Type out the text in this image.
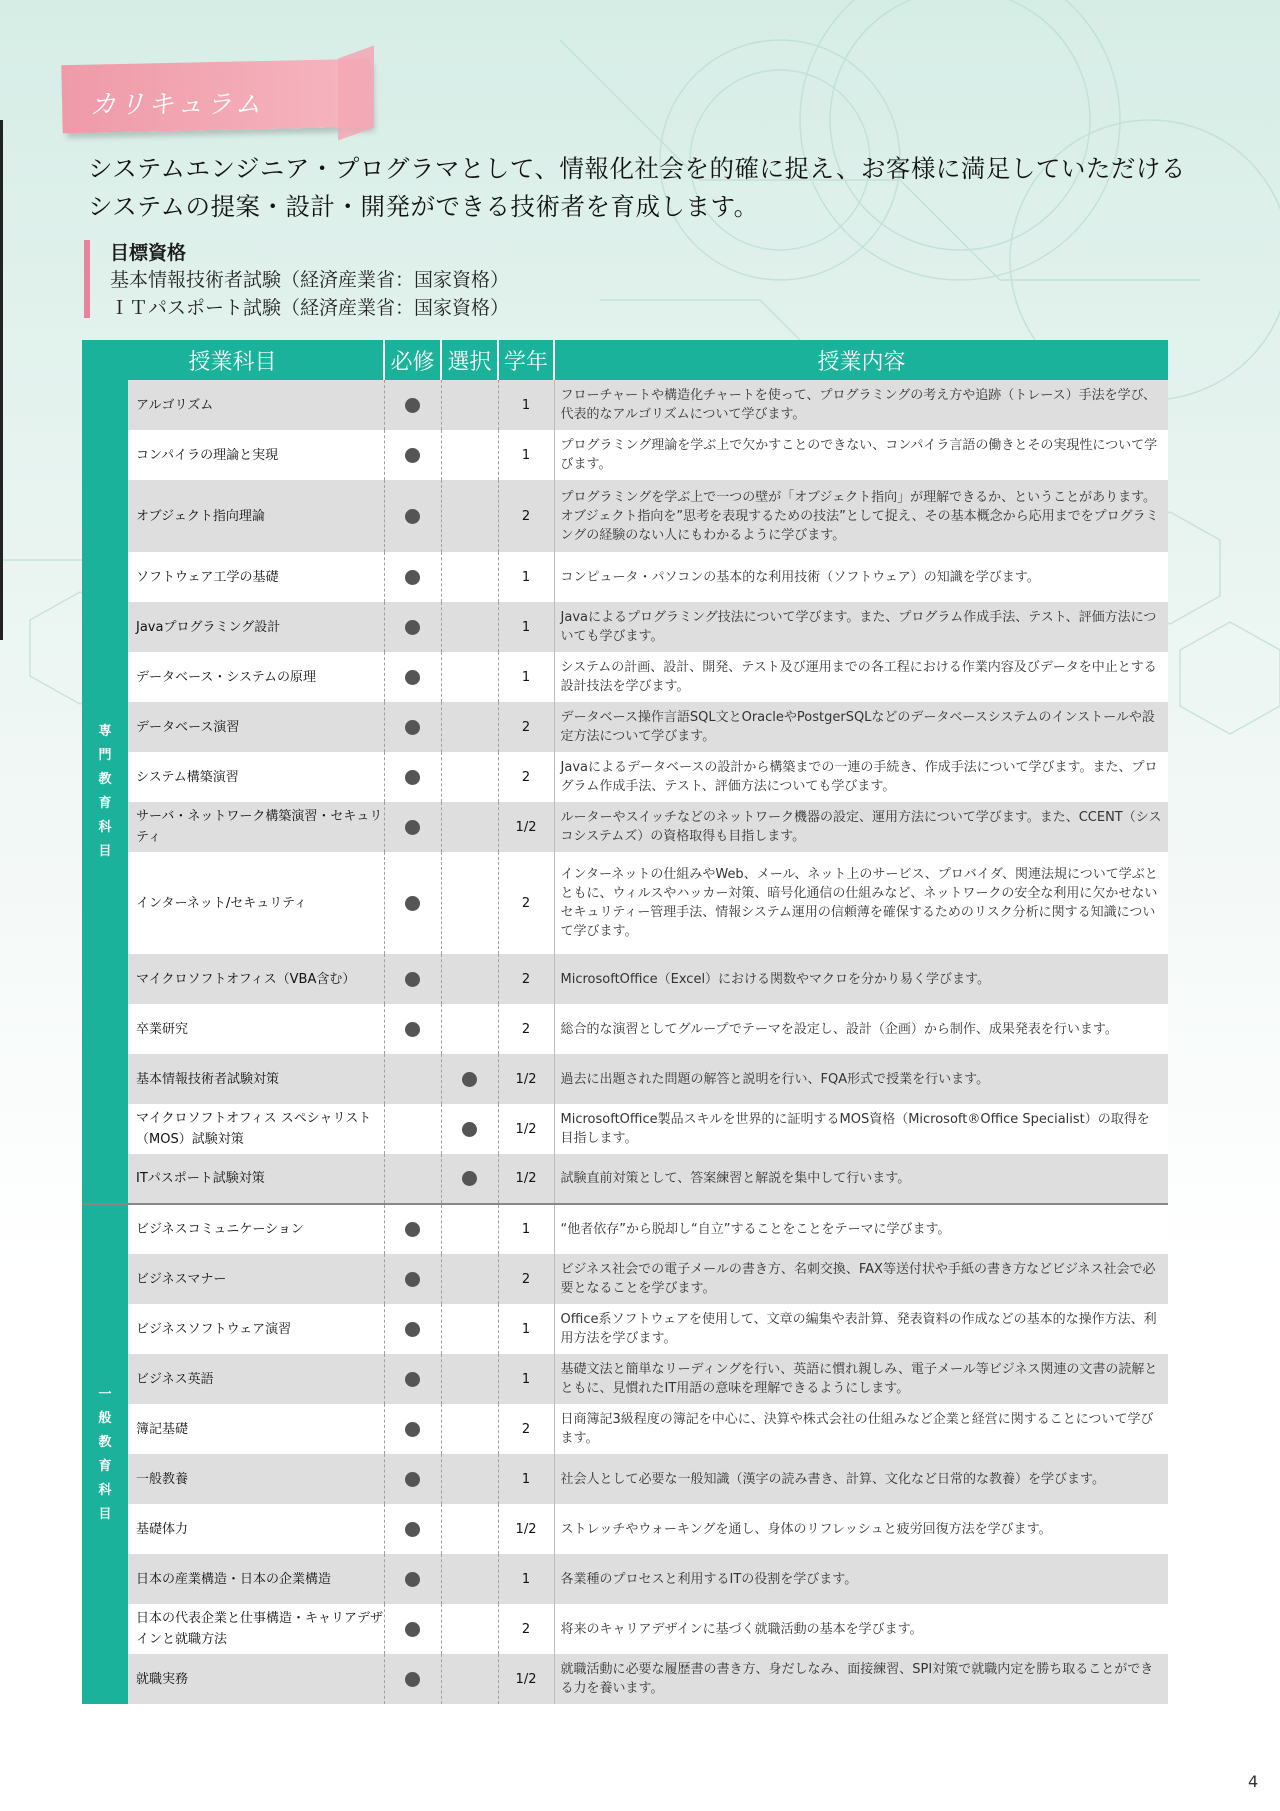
カリキュラム
システムエンジニア・プログラマとして、情報化社会を的確に捉え、お客様に満足していただける
システムの提案・設計・開発ができる技術者を育成します。
目標資格
基本情報技術者試験（経済産業省：国家資格）
ＩＴパスポート試験（経済産業省：国家資格）
授業科目		必修	選択	学年	授業内容
専門教育科目	アルゴリズム			1	フローチャートや構造化チャートを使って、プログラミングの考え方や追跡（トレース）手法を学び、代表的なアルゴリズムについて学びます。
	コンパイラの理論と実現			1	プログラミング理論を学ぶ上で欠かすことのできない、コンパイラ言語の働きとその実現性について学びます。
	オブジェクト指向理論			2	プログラミングを学ぶ上で一つの壁が「オブジェクト指向」が理解できるか、ということがあります。オブジェクト指向を”思考を表現するための技法”として捉え、その基本概念から応用までをプログラミングの経験のない人にもわかるように学びます。
	ソフトウェア工学の基礎			1	コンピュータ・パソコンの基本的な利用技術（ソフトウェア）の知識を学びます。
	Javaプログラミング設計			1	Javaによるプログラミング技法について学びます。また、プログラム作成手法、テスト、評価方法についても学びます。
	データベース・システムの原理			1	システムの計画、設計、開発、テスト及び運用までの各工程における作業内容及びデータを中止とする設計技法を学びます。
	データベース演習			2	データベース操作言語SQL文とOracleやPostgerSQLなどのデータベースシステムのインストールや設定方法について学びます。
	システム構築演習			2	Javaによるデータベースの設計から構築までの一連の手続き、作成手法について学びます。また、プログラム作成手法、テスト、評価方法についても学びます。
	サーバ・ネットワーク構築演習・セキュリティ			1/2	ルーターやスイッチなどのネットワーク機器の設定、運用方法について学びます。また、CCENT（シスコシステムズ）の資格取得も目指します。
	インターネット/セキュリティ			2	インターネットの仕組みやWeb、メール、ネット上のサービス、プロバイダ、関連法規について学ぶとともに、ウィルスやハッカー対策、暗号化通信の仕組みなど、ネットワークの安全な利用に欠かせないセキュリティー管理手法、情報システム運用の信頼薄を確保するためのリスク分析に関する知識について学びます。
	マイクロソフトオフィス（VBA含む）			2	MicrosoftOffice（Excel）における関数やマクロを分かり易く学びます。
	卒業研究			2	総合的な演習としてグループでテーマを設定し、設計（企画）から制作、成果発表を行います。
	基本情報技術者試験対策			1/2	過去に出題された問題の解答と説明を行い、FQA形式で授業を行います。
	マイクロソフトオフィス スペシャリスト（MOS）試験対策			1/2	MicrosoftOffice製品スキルを世界的に証明するMOS資格（Microsoft®Office Specialist）の取得を目指します。
	ITパスポート試験対策			1/2	試験直前対策として、答案練習と解説を集中して行います。
一般教育科目	ビジネスコミュニケーション			1	“他者依存”から脱却し“自立”することをことをテーマに学びます。
	ビジネスマナー			2	ビジネス社会での電子メールの書き方、名刺交換、FAX等送付状や手紙の書き方などビジネス社会で必要となることを学びます。
	ビジネスソフトウェア演習			1	Office系ソフトウェアを使用して、文章の編集や表計算、発表資料の作成などの基本的な操作方法、利用方法を学びます。
	ビジネス英語			1	基礎文法と簡単なリーディングを行い、英語に慣れ親しみ、電子メール等ビジネス関連の文書の読解とともに、見慣れたIT用語の意味を理解できるようにします。
	簿記基礎			2	日商簿記3級程度の簿記を中心に、決算や株式会社の仕組みなど企業と経営に関することについて学びます。
	一般教養			1	社会人として必要な一般知識（漢字の読み書き、計算、文化など日常的な教養）を学びます。
	基礎体力			1/2	ストレッチやウォーキングを通し、身体のリフレッシュと疲労回復方法を学びます。
	日本の産業構造・日本の企業構造			1	各業種のプロセスと利用するITの役割を学びます。
	日本の代表企業と仕事構造・キャリアデザインと就職方法			2	将来のキャリアデザインに基づく就職活動の基本を学びます。
	就職実務			1/2	就職活動に必要な履歴書の書き方、身だしなみ、面接練習、SPI対策で就職内定を勝ち取ることができる力を養います。
4
